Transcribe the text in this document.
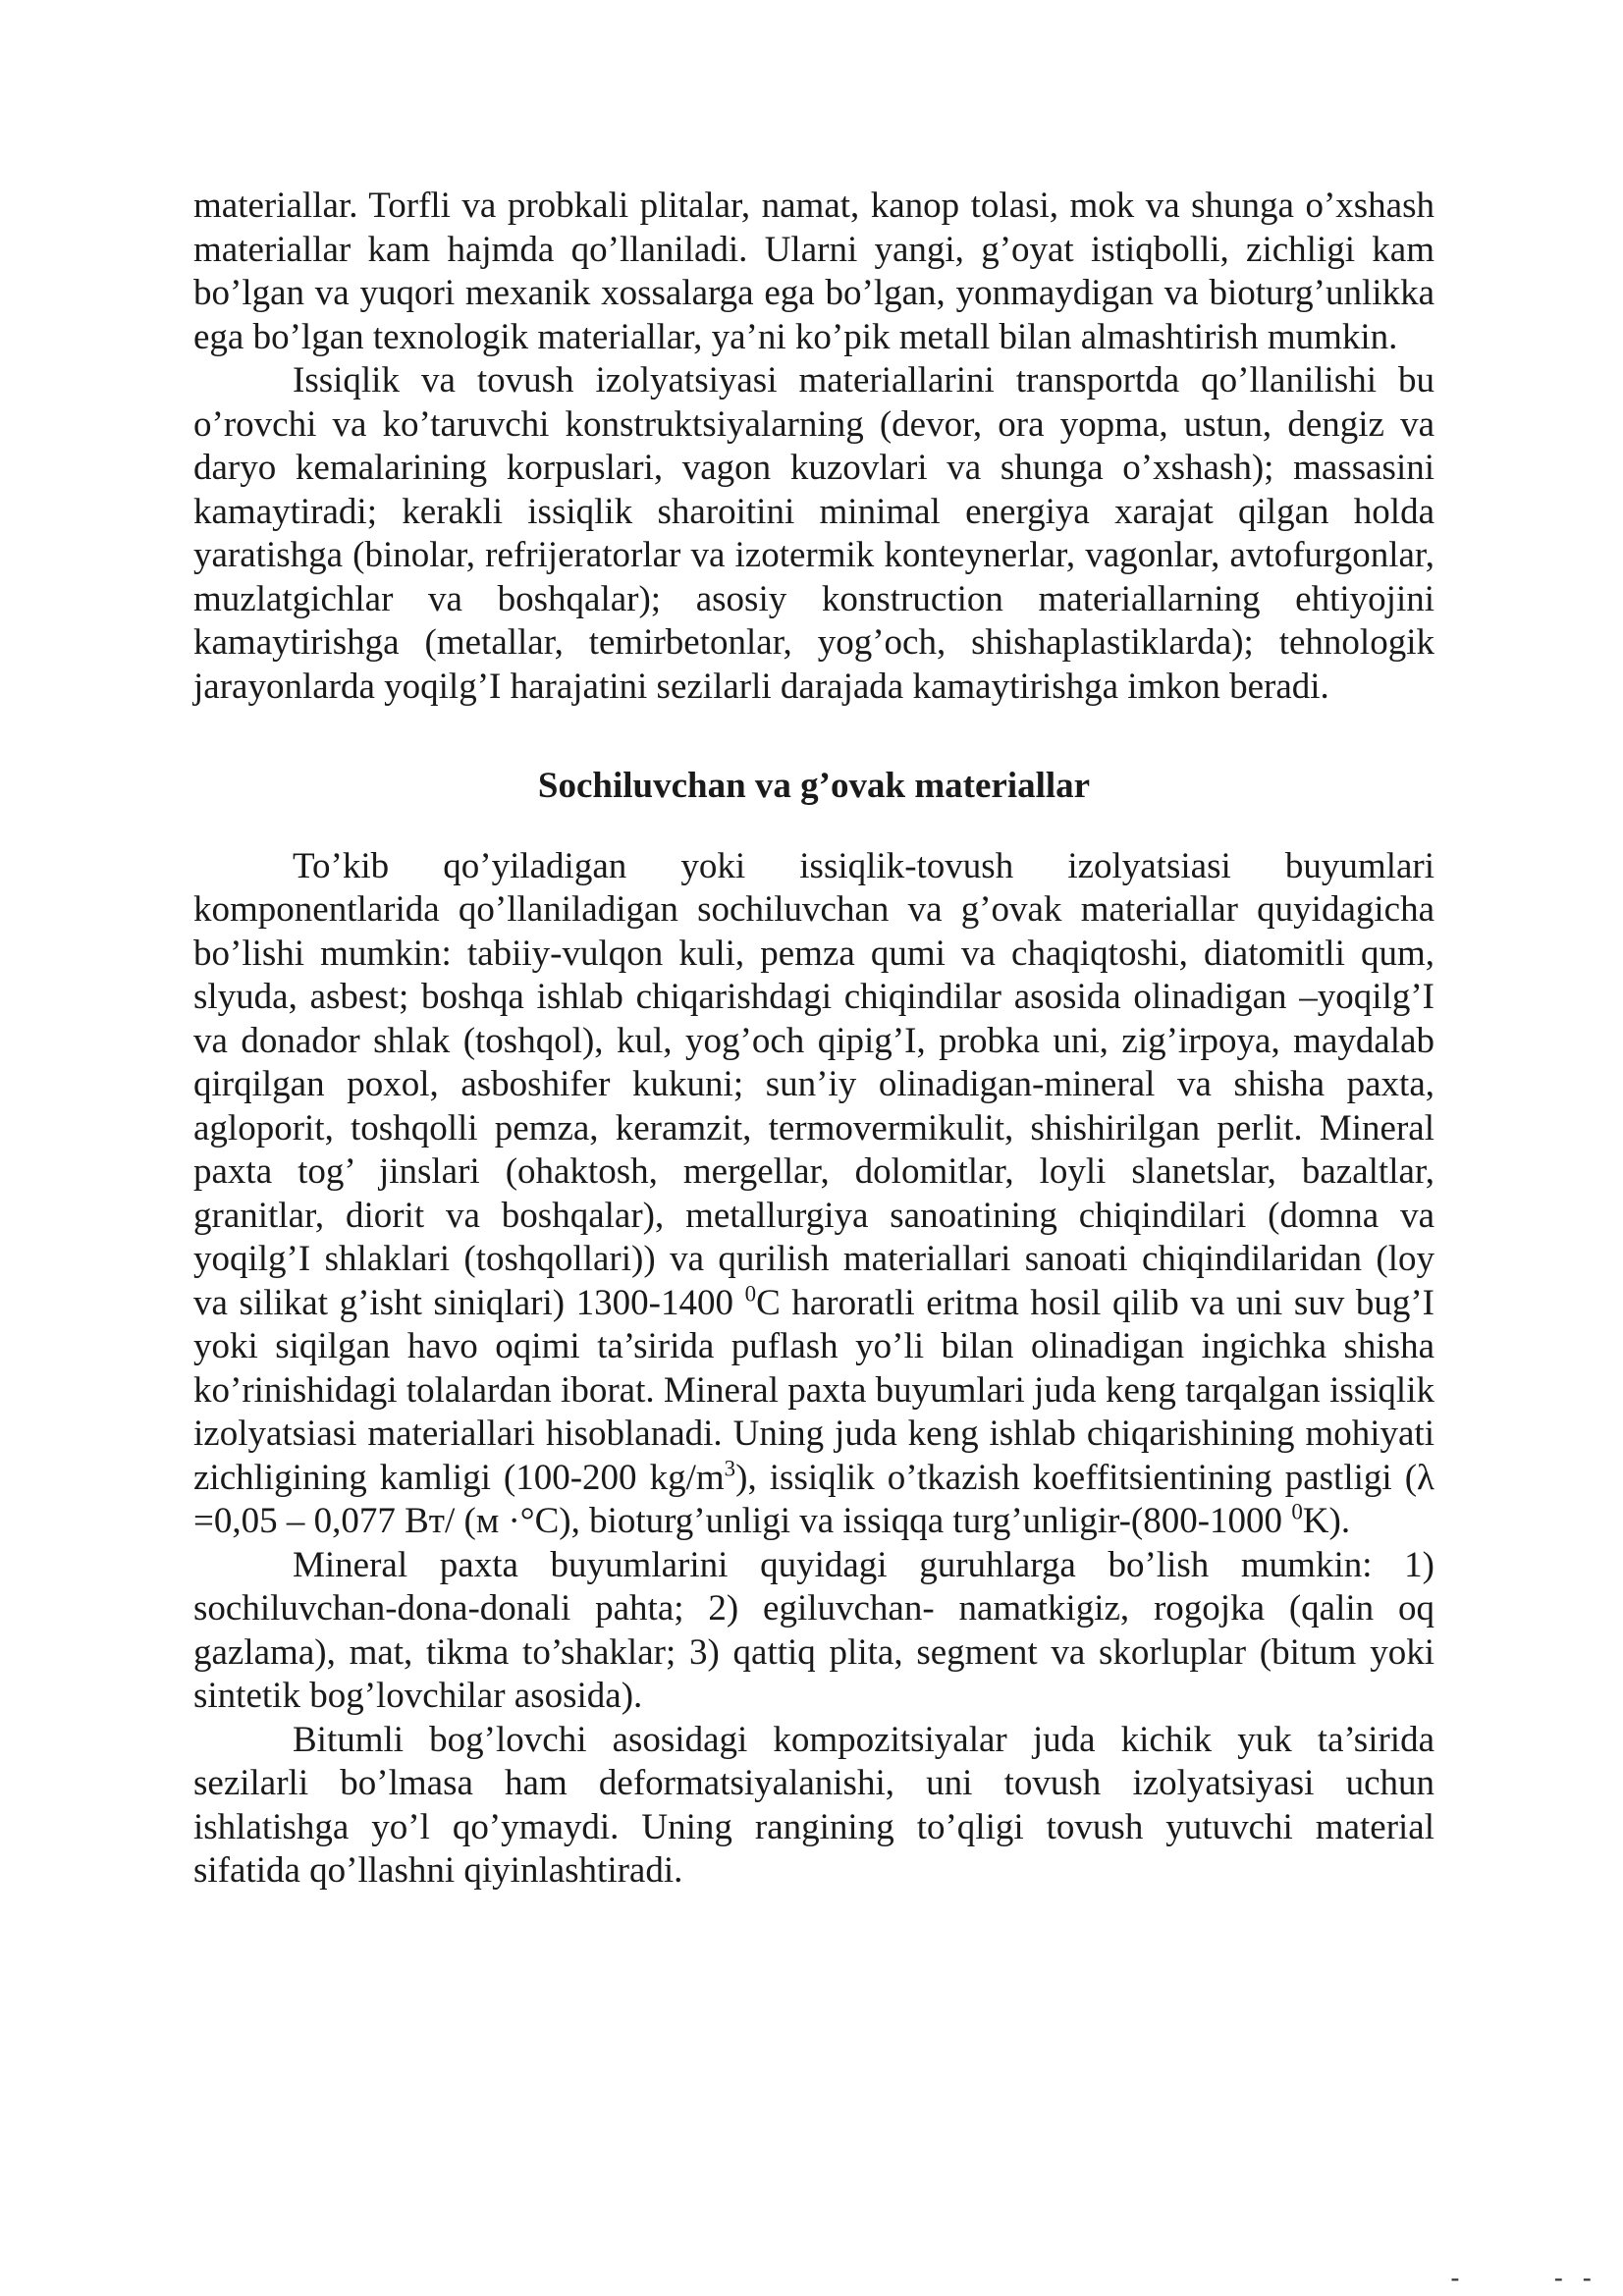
materiallar. Torfli va probkali plitalar, namat, kanop tolasi, mok va shunga o’xshash materiallar kam hajmda qo’llaniladi. Ularni yangi, g’oyat istiqbolli, zichligi kam bo’lgan va yuqori mexanik xossalarga ega bo’lgan, yonmaydigan va bioturg’unlikka ega bo’lgan texnologik materiallar, ya’ni ko’pik metall bilan almashtirish mumkin.

Issiqlik va tovush izolyatsiyasi materiallarini transportda qo’llanilishi bu o’rovchi va ko’taruvchi konstruktsiyalarning (devor, ora yopma, ustun, dengiz va daryo kemalarining korpuslari, vagon kuzovlari va shunga o’xshash); massasini kamaytiradi; kerakli issiqlik sharoitini minimal energiya xarajat qilgan holda yaratishga (binolar, refrijeratorlar va izotermik konteynerlar, vagonlar, avtofurgonlar, muzlatgichlar va boshqalar); asosiy konstruction materiallarning ehtiyojini kamaytirishga (metallar, temirbetonlar, yog’och, shishaplastiklarda); tehnologik jarayonlarda yoqilg’I harajatini sezilarli darajada kamaytirishga imkon beradi.

Sochiluvchan va g’ovak materiallar

To’kib qo’yiladigan yoki issiqlik-tovush izolyatsiasi buyumlari komponentlarida qo’llaniladigan sochiluvchan va g’ovak materiallar quyidagicha bo’lishi mumkin: tabiiy-vulqon kuli, pemza qumi va chaqiqtoshi, diatomitli qum, slyuda, asbest; boshqa ishlab chiqarishdagi chiqindilar asosida olinadigan –yoqilg’I va donador shlak (toshqol), kul, yog’och qipig’I, probka uni, zig’irpoya, maydalab qirqilgan poxol, asboshifer kukuni; sun’iy olinadigan-mineral va shisha paxta, agloporit, toshqolli pemza, keramzit, termovermikulit, shishirilgan perlit. Mineral paxta tog’ jinslari (ohaktosh, mergellar, dolomitlar, loyli slanetslar, bazaltlar, granitlar, diorit va boshqalar), metallurgiya sanoatining chiqindilari (domna va yoqilg’I shlaklari (toshqollari)) va qurilish materiallari sanoati chiqindilaridan (loy va silikat g’isht siniqlari) 1300-1400 $^0$C haroratli eritma hosil qilib va uni suv bug’I yoki siqilgan havo oqimi ta’sirida puflash yo’li bilan olinadigan ingichka shisha ko’rinishidagi tolalardan iborat. Mineral paxta buyumlari juda keng tarqalgan issiqlik izolyatsiasi materiallari hisoblanadi. Uning juda keng ishlab chiqarishining mohiyati zichligining kamligi (100-200 $kg/m^3$), issiqlik o’tkazish koeffitsientining pastligi (λ =0,05 – 0,077 Вт/ (м ·°C), bioturg’unligi va issiqqa turg’unligir-(800-1000 $^0$K).

Mineral paxta buyumlarini quyidagi guruhlarga bo’lish mumkin: 1) sochiluvchan-dona-donali pahta; 2) egiluvchan- namatkigiz, rogojka (qalin oq gazlama), mat, tikma to’shaklar; 3) qattiq plita, segment va skorluplar (bitum yoki sintetik bog’lovchilar asosida).

Bitumli bog’lovchi asosidagi kompozitsiyalar juda kichik yuk ta’sirida sezilarli bo’lmasa ham deformatsiyalanishi, uni tovush izolyatsiyasi uchun ishlatishga yo’l qo’ymaydi. Uning rangining to’qligi tovush yutuvchi material sifatida qo’llashni qiyinlashtiradi.

-	- -
